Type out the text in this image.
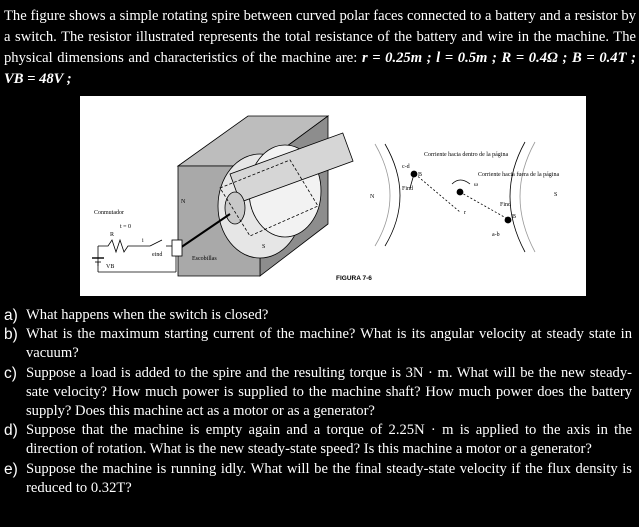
The figure shows a simple rotating spire between curved polar faces connected to a battery and a resistor by a switch. The resistor illustrated represents the total resistance of the battery and wire in the machine. The physical dimensions and characteristics of the machine are: r = 0.25m ; l = 0.5m ; R = 0.4Ω ; B = 0.4T ; VB = 48V ;
N
S
Conmutador
t = 0
R
VB
i
eind
Escobillas
N
Corriente hacia dentro de la página
c-d
Find
B	Corriente hacia fuera de la página
S
a-b
Find
r
ω
B
FIGURA 7-6
a) What happens when the switch is closed?
b) What is the maximum starting current of the machine? What is its angular velocity at steady state in vacuum?
c) Suppose a load is added to the spire and the resulting torque is 3N · m. What will be the new steady-sate velocity? How much power is supplied to the machine shaft? How much power does the battery supply? Does this machine act as a motor or as a generator?
d) Suppose that the machine is empty again and a torque of 2.25N · m is applied to the axis in the direction of rotation. What is the new steady-state speed? Is this machine a motor or a generator?
e) Suppose the machine is running idly. What will be the final steady-state velocity if the flux density is reduced to 0.32T?
